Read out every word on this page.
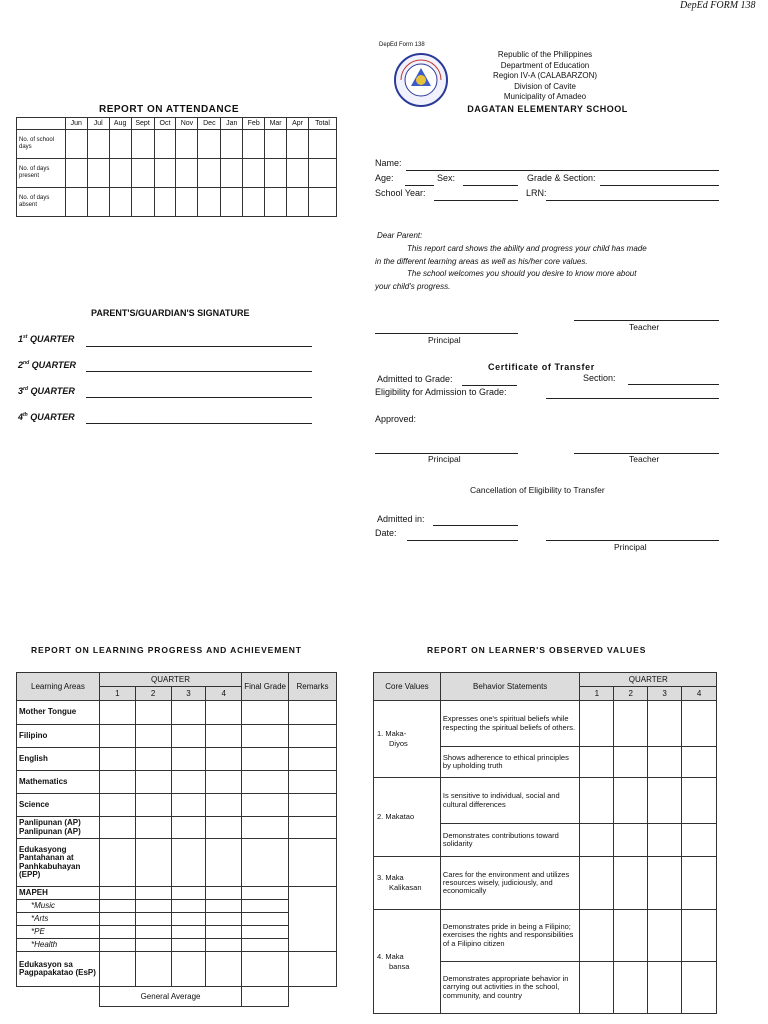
DepEd FORM 138
REPORT ON ATTENDANCE
	Jun	Jul	Aug	Sept	Oct	Nov	Dec	Jan	Feb	Mar	Apr	Total
No. of school days												
No. of days present												
No. of days absent												
PARENT'S/GUARDIAN'S SIGNATURE
1st QUARTER
2nd QUARTER
3rd QUARTER
4th QUARTER
DepEd Form 138
Republic of the Philippines
Department of Education
Region IV-A (CALABARZON)
Division of Cavite
Municipality of Amadeo
DAGATAN ELEMENTARY SCHOOL
Name:
Age:	Sex:	Grade & Section:
School Year:	LRN:
Dear Parent:
This report card shows the ability and progress your child has made
in the different learning areas as well as his/her core values.
The school welcomes you should you desire to know more about
your child's progress.
Principal
Teacher
Certificate of Transfer
Admitted to Grade:	Section:
Eligibility for Admission to Grade:
Approved:
Principal	Teacher
Cancellation of Eligibility to Transfer
Admitted in:
Date:
Principal
REPORT ON LEARNING PROGRESS AND ACHIEVEMENT
Learning Areas	QUARTER				Final Grade	Remarks
	1	2	3	4		
Mother Tongue						
Filipino						
English						
Mathematics						
Science						
Panlipunan (AP) Panlipunan (AP)						
Edukasyong Pantahanan at Panhkabuhayan (EPP)						
MAPEH						
*Music						
*Arts						
*PE						
*Health						
Edukasyon sa Pagpapakatao (EsP)						
	General Average					
REPORT ON LEARNER'S OBSERVED VALUES
Core Values	Behavior Statements	QUARTER			
		1	2	3	4
1. Maka-
Diyos	Expresses one's spiritual beliefs while respecting the spiritual beliefs of others.				
	Shows adherence to ethical principles by upholding truth				
2. Makatao	Is sensitive to individual, social and cultural differences				
	Demonstrates contributions toward solidarity				
3. Maka
Kalikasan	Cares for the environment and utilizes resources wisely, judiciously, and economically				
4. Maka
bansa	Demonstrates pride in being a Filipino; exercises the rights and responsibilities of a Filipino citizen				
	Demonstrates appropriate behavior in carrying out activities in the school, community, and country				
